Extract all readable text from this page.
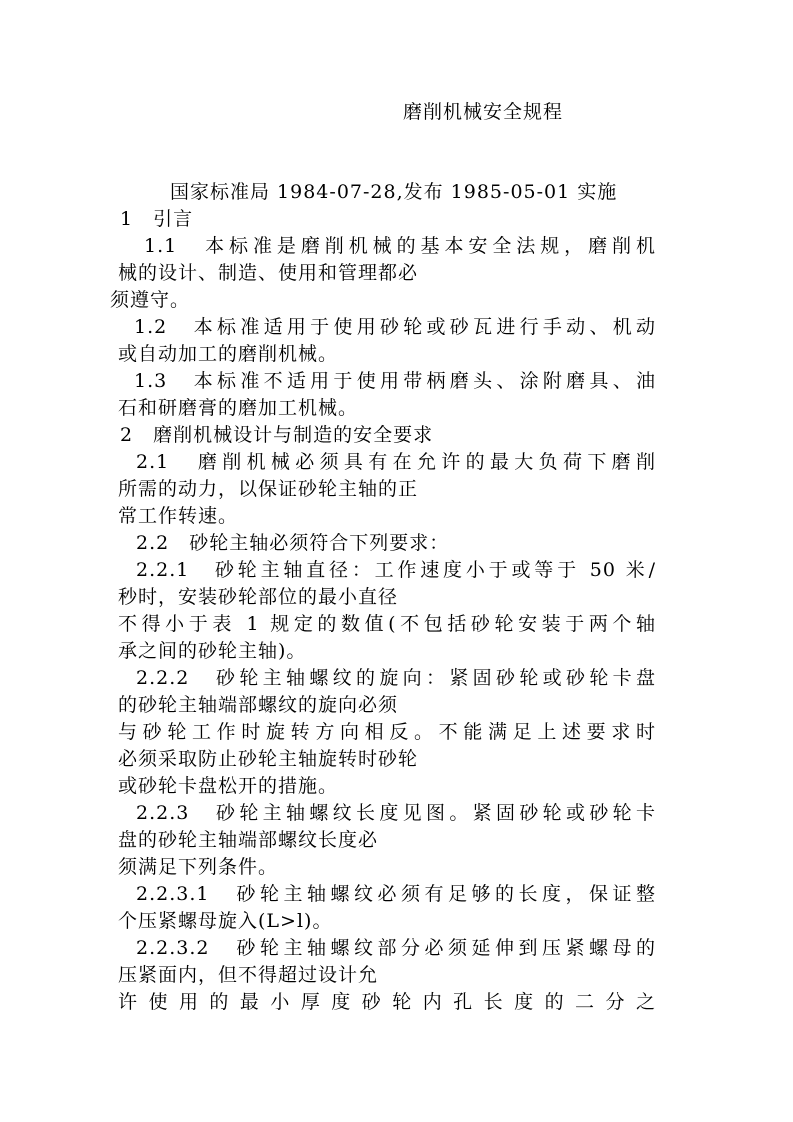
磨削机械安全规程
国家标准局 1984-07-28,发布 1985-05-01 实施
1　引言
1.1　本标准是磨削机械的基本安全法规，磨削机
械的设计、制造、使用和管理都必
须遵守。
1.2　本标准适用于使用砂轮或砂瓦进行手动、机动
或自动加工的磨削机械。
1.3　本标准不适用于使用带柄磨头、涂附磨具、油
石和研磨膏的磨加工机械。
2　磨削机械设计与制造的安全要求
2.1　磨削机械必须具有在允许的最大负荷下磨削
所需的动力，以保证砂轮主轴的正
常工作转速。
2.2　砂轮主轴必须符合下列要求：
2.2.1　砂轮主轴直径：工作速度小于或等于 50 米/
秒时，安装砂轮部位的最小直径
不得小于表 1 规定的数值(不包括砂轮安装于两个轴
承之间的砂轮主轴)。
2.2.2　砂轮主轴螺纹的旋向：紧固砂轮或砂轮卡盘
的砂轮主轴端部螺纹的旋向必须
与砂轮工作时旋转方向相反。不能满足上述要求时
必须采取防止砂轮主轴旋转时砂轮
或砂轮卡盘松开的措施。
2.2.3　砂轮主轴螺纹长度见图。紧固砂轮或砂轮卡
盘的砂轮主轴端部螺纹长度必
须满足下列条件。
2.2.3.1　砂轮主轴螺纹必须有足够的长度，保证整
个压紧螺母旋入(L>l)。
2.2.3.2　砂轮主轴螺纹部分必须延伸到压紧螺母的
压紧面内，但不得超过设计允
许使用的最小厚度砂轮内孔长度的二分之
